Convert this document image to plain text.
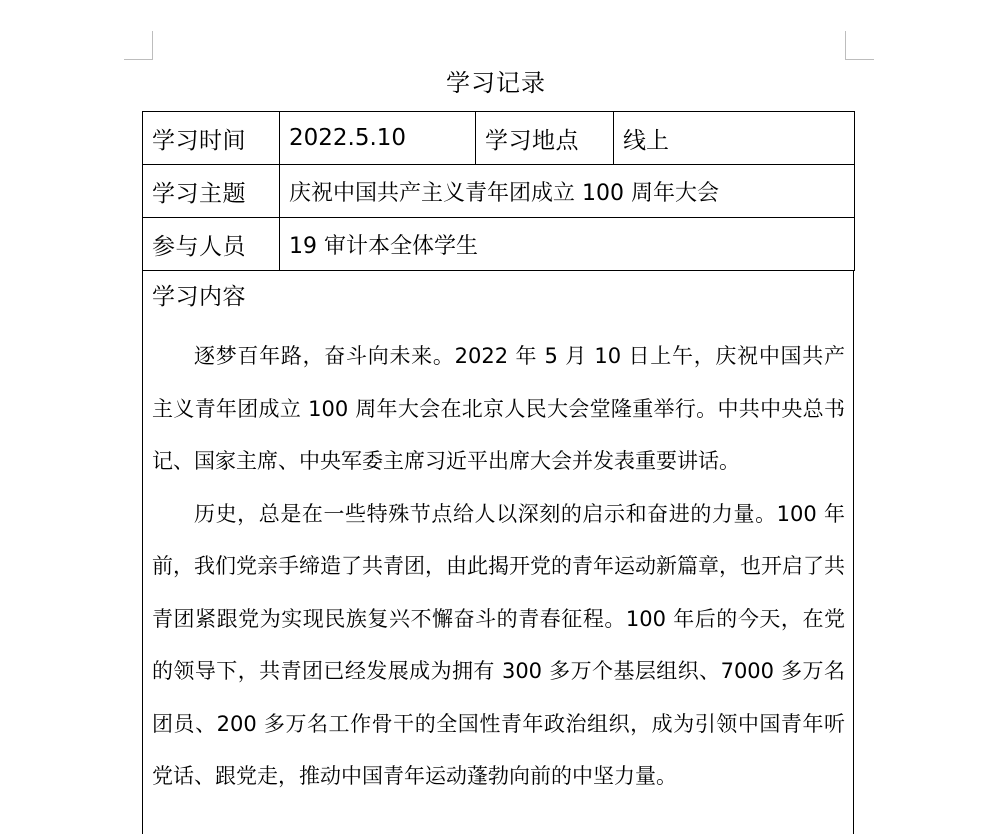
学习记录
学习时间	2022.5.10	学习地点	线上
学习主题	庆祝中国共产主义青年团成立 100 周年大会		
参与人员	19 审计本全体学生		
学习内容

逐梦百年路，奋斗向未来。2022 年 5 月 10 日上午，庆祝中国共产主义青年团成立 100 周年大会在北京人民大会堂隆重举行。中共中央总书记、国家主席、中央军委主席习近平出席大会并发表重要讲话。

历史，总是在一些特殊节点给人以深刻的启示和奋进的力量。100 年前，我们党亲手缔造了共青团，由此揭开党的青年运动新篇章，也开启了共青团紧跟党为实现民族复兴不懈奋斗的青春征程。100 年后的今天，在党的领导下，共青团已经发展成为拥有 300 多万个基层组织、7000 多万名团员、200 多万名工作骨干的全国性青年政治组织，成为引领中国青年听党话、跟党走，推动中国青年运动蓬勃向前的中坚力量。
